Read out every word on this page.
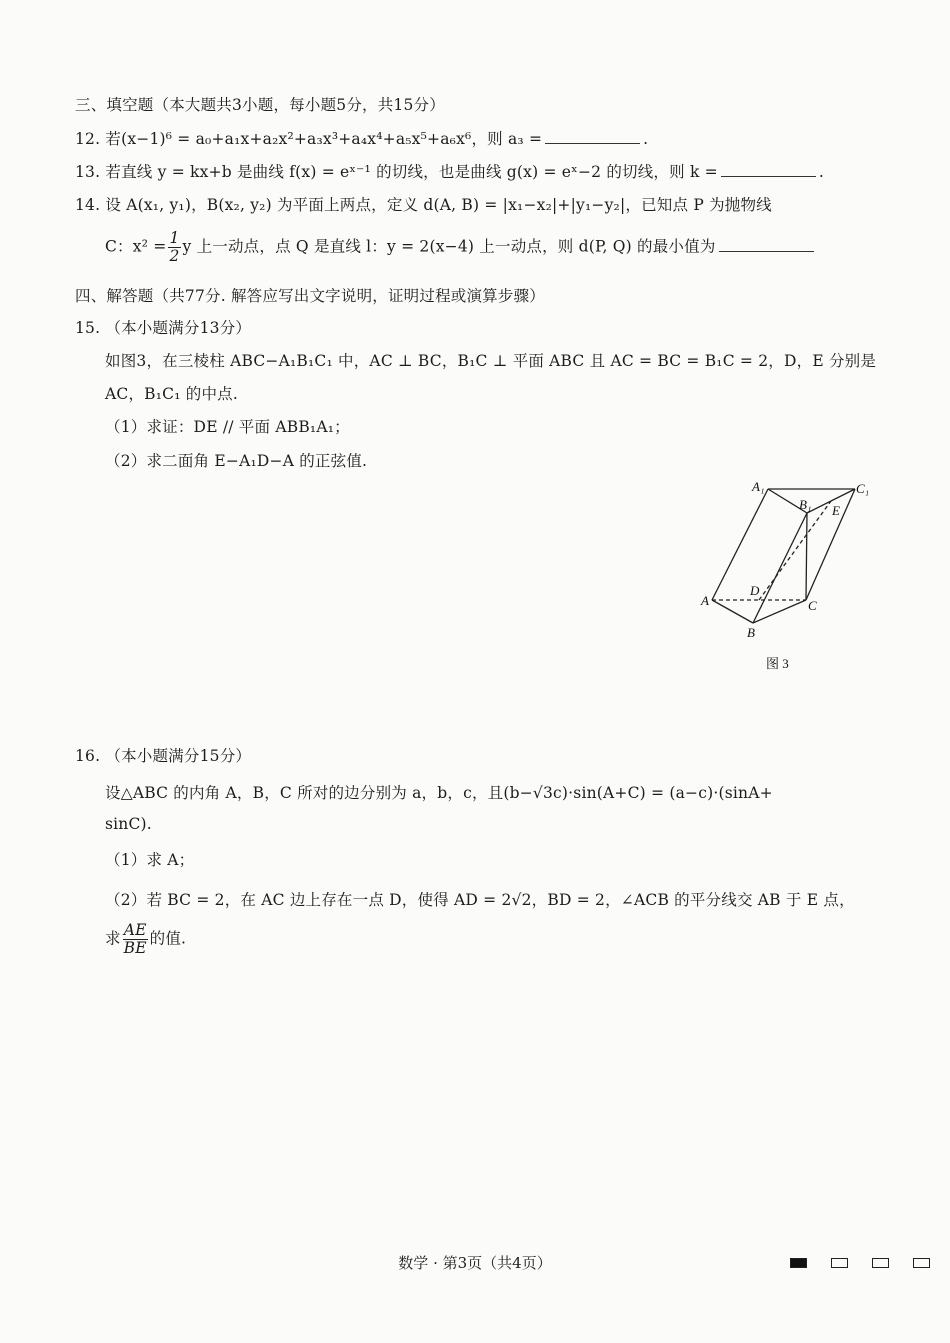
三、填空题（本大题共3小题，每小题5分，共15分）
12. 若(x−1)⁶ = a₀+a₁x+a₂x²+a₃x³+a₄x⁴+a₅x⁵+a₆x⁶，则 a₃ =	.
13. 若直线 y = kx+b 是曲线 f(x) = eˣ⁻¹ 的切线，也是曲线 g(x) = eˣ−2 的切线，则 k =	.
14. 设 A(x₁, y₁)，B(x₂, y₂) 为平面上两点，定义 d(A, B) = |x₁−x₂|+|y₁−y₂|，已知点 P 为抛物线
C：$x^2 = \frac{1}{2}$ y 上一动点，点 Q 是直线 l：y = 2(x−4) 上一动点，则 d(P, Q) 的最小值为
四、解答题（共77分. 解答应写出文字说明，证明过程或演算步骤）
15. （本小题满分13分）
如图3，在三棱柱 ABC−A₁B₁C₁ 中，AC ⊥ BC，B₁C ⊥ 平面 ABC 且 AC = BC = B₁C = 2，D，E 分别是
AC，B₁C₁ 的中点.
（1）求证：DE // 平面 ABB₁A₁；
（2）求二面角 E−A₁D−A 的正弦值.
A₁	C₁
B₁ E
D
A	C
B
图 3
16. （本小题满分15分）
设△ABC 的内角 A，B，C 所对的边分别为 a，b，c，且(b−√3c)·sin(A+C) = (a−c)·(sinA+
sinC).
（1）求 A；
（2）若 BC = 2，在 AC 边上存在一点 D，使得 AD = 2√2，BD = 2，∠ACB 的平分线交 AB 于 E 点，
求 $\frac{AE}{BE}$ 的值.
数学 · 第3页（共4页）
